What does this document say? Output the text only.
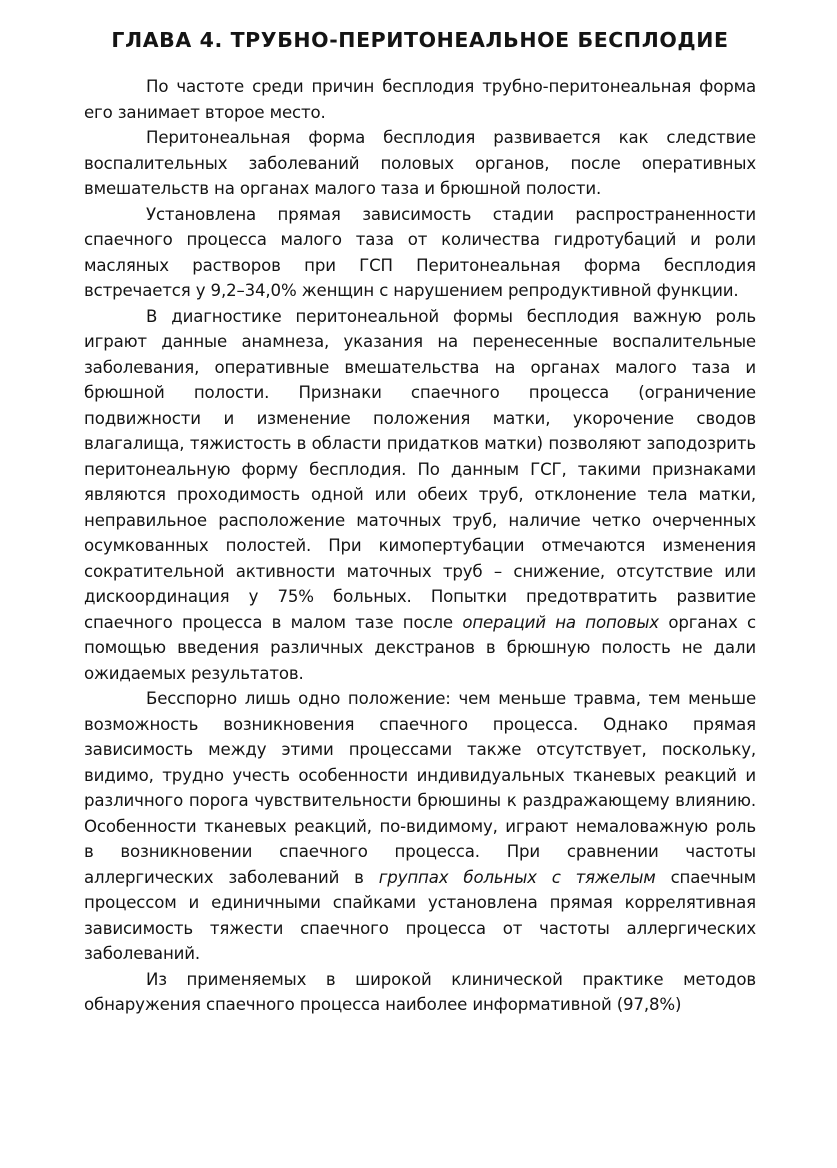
ГЛАВА 4. ТРУБНО-ПЕРИТОНЕАЛЬНОЕ БЕСПЛОДИЕ

По частоте среди причин бесплодия трубно-перитонеальная форма его занимает второе место.

Перитонеальная форма бесплодия развивается как следствие воспалительных заболеваний половых органов, после оперативных вмешательств на органах малого таза и брюшной полости.

Установлена прямая зависимость стадии распространенности спаечного процесса малого таза от количества гидротубаций и роли масляных растворов при ГСП Перитонеальная форма бесплодия встречается у 9,2–34,0% женщин с нарушением репродуктивной функции.

В диагностике перитонеальной формы бесплодия важную роль играют данные анамнеза, указания на перенесенные воспалительные заболевания, оперативные вмешательства на органах малого таза и брюшной полости. Признаки спаечного процесса (ограничение подвижности и изменение положения матки, укорочение сводов влагалища, тяжистость в области придатков матки) позволяют заподозрить перитонеальную форму бесплодия. По данным ГСГ, такими признаками являются проходимость одной или обеих труб, отклонение тела матки, неправильное расположение маточных труб, наличие четко очерченных осумкованных полостей. При кимопертубации отмечаются изменения сократительной активности маточных труб – снижение, отсутствие или дискоординация у 75% больных. Попытки предотвратить развитие спаечного процесса в малом тазе после операций на поповых органах с помощью введения различных декстранов в брюшную полость не дали ожидаемых результатов.

Бесспорно лишь одно положение: чем меньше травма, тем меньше возможность возникновения спаечного процесса. Однако прямая зависимость между этими процессами также отсутствует, поскольку, видимо, трудно учесть особенности индивидуальных тканевых реакций и различного порога чувствительности брюшины к раздражающему влиянию. Особенности тканевых реакций, по-видимому, играют немаловажную роль в возникновении спаечного процесса. При сравнении частоты аллергических заболеваний в группах больных с тяжелым спаечным процессом и единичными спайками установлена прямая коррелятивная зависимость тяжести спаечного процесса от частоты аллергических заболеваний.

Из применяемых в широкой клинической практике методов обнаружения спаечного процесса наиболее информативной (97,8%)
